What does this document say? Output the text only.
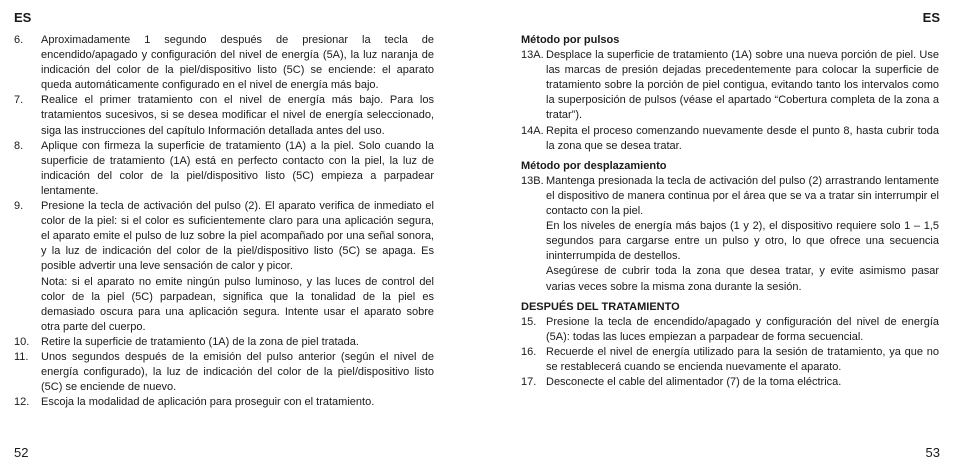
ES
6.	Aproximadamente 1 segundo después de presionar la tecla de encendido/apagado y configuración del nivel de energía (5A), la luz naranja de indicación del color de la piel/dispositivo listo (5C) se enciende: el aparato queda automáticamente configurado en el nivel de energía más bajo.
7.	Realice el primer tratamiento con el nivel de energía más bajo. Para los tratamientos sucesivos, si se desea modificar el nivel de energía seleccionado, siga las instrucciones del capítulo Información detallada antes del uso.
8.	Aplique con firmeza la superficie de tratamiento (1A) a la piel. Solo cuando la superficie de tratamiento (1A) está en perfecto contacto con la piel, la luz de indicación del color de la piel/dispositivo listo (5C) empieza a parpadear lentamente.
9.	Presione la tecla de activación del pulso (2). El aparato verifica de inmediato el color de la piel: si el color es suficientemente claro para una aplicación segura, el aparato emite el pulso de luz sobre la piel acompañado por una señal sonora, y la luz de indicación del color de la piel/dispositivo listo (5C) se apaga. Es posible advertir una leve sensación de calor y picor.
Nota: si el aparato no emite ningún pulso luminoso, y las luces de control del color de la piel (5C) parpadean, significa que la tonalidad de la piel es demasiado oscura para una aplicación segura. Intente usar el aparato sobre otra parte del cuerpo.
10.	Retire la superficie de tratamiento (1A) de la zona de piel tratada.
11.	Unos segundos después de la emisión del pulso anterior (según el nivel de energía configurado), la luz de indicación del color de la piel/dispositivo listo (5C) se enciende de nuevo.
12.	Escoja la modalidad de aplicación para proseguir con el tratamiento.
52
ES
Método por pulsos
13A. Desplace la superficie de tratamiento (1A) sobre una nueva porción de piel. Use las marcas de presión dejadas precedentemente para colocar la superficie de tratamiento sobre la porción de piel contigua, evitando tanto los intervalos como la superposición de pulsos (véase el apartado “Cobertura completa de la zona a tratar”).
14A. Repita el proceso comenzando nuevamente desde el punto 8, hasta cubrir toda la zona que se desea tratar.
Método por desplazamiento
13B. Mantenga presionada la tecla de activación del pulso (2) arrastrando lentamente el dispositivo de manera continua por el área que se va a tratar sin interrumpir el contacto con la piel.
En los niveles de energía más bajos (1 y 2), el dispositivo requiere solo 1 – 1,5 segundos para cargarse entre un pulso y otro, lo que ofrece una secuencia ininterrumpida de destellos.
Asegúrese de cubrir toda la zona que desea tratar, y evite asimismo pasar varias veces sobre la misma zona durante la sesión.
DESPUÉS DEL TRATAMIENTO
15. Presione la tecla de encendido/apagado y configuración del nivel de energía (5A): todas las luces empiezan a parpadear de forma secuencial.
16. Recuerde el nivel de energía utilizado para la sesión de tratamiento, ya que no se restablecerá cuando se encienda nuevamente el aparato.
17. Desconecte el cable del alimentador (7) de la toma eléctrica.
53
